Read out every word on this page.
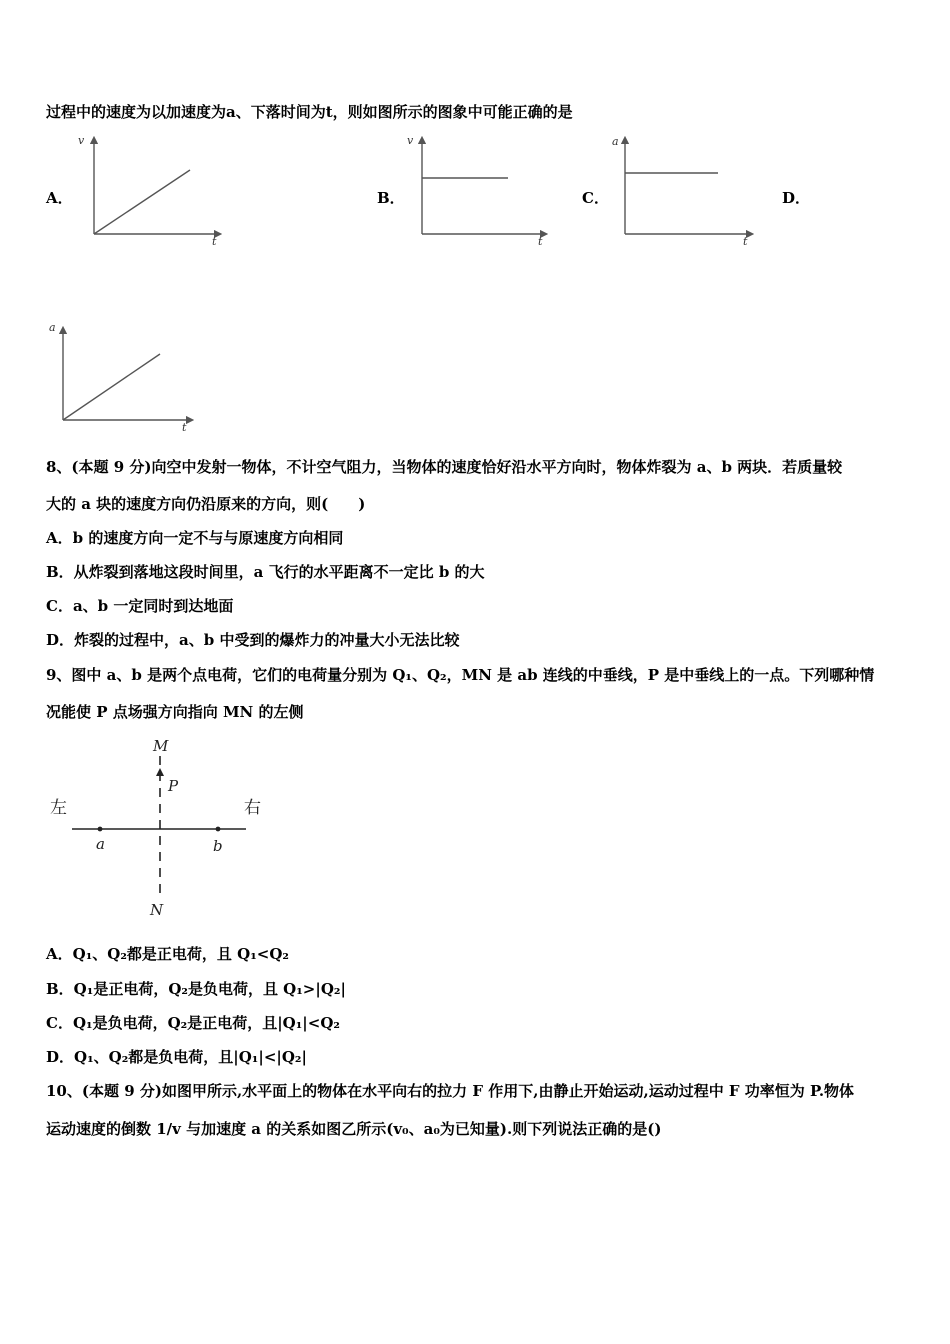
过程中的速度为以加速度为a、下落时间为t，则如图所示的图象中可能正确的是
A．	B．	C．	D．
v
t
v
t
a
t
a
t
M
N
P
a	b
左	右
8、(本题 9 分)向空中发射一物体，不计空气阻力，当物体的速度恰好沿水平方向时，物体炸裂为 a、b 两块．若质量较
大的 a 块的速度方向仍沿原来的方向，则(　　)
A．b 的速度方向一定不与与原速度方向相同
B．从炸裂到落地这段时间里，a 飞行的水平距离不一定比 b 的大
C．a、b 一定同时到达地面
D．炸裂的过程中，a、b 中受到的爆炸力的冲量大小无法比较
9、图中 a、b 是两个点电荷，它们的电荷量分别为 Q₁、Q₂，MN 是 ab 连线的中垂线，P 是中垂线上的一点。下列哪种情
况能使 P 点场强方向指向 MN 的左侧
A．Q₁、Q₂都是正电荷，且 Q₁<Q₂
B．Q₁是正电荷，Q₂是负电荷，且 Q₁>|Q₂|
C．Q₁是负电荷，Q₂是正电荷，且|Q₁|<Q₂
D．Q₁、Q₂都是负电荷，且|Q₁|<|Q₂|
10、(本题 9 分)如图甲所示,水平面上的物体在水平向右的拉力 F 作用下,由静止开始运动,运动过程中 F 功率恒为 P.物体
运动速度的倒数 1/v 与加速度 a 的关系如图乙所示(v₀、a₀为已知量).则下列说法正确的是()
